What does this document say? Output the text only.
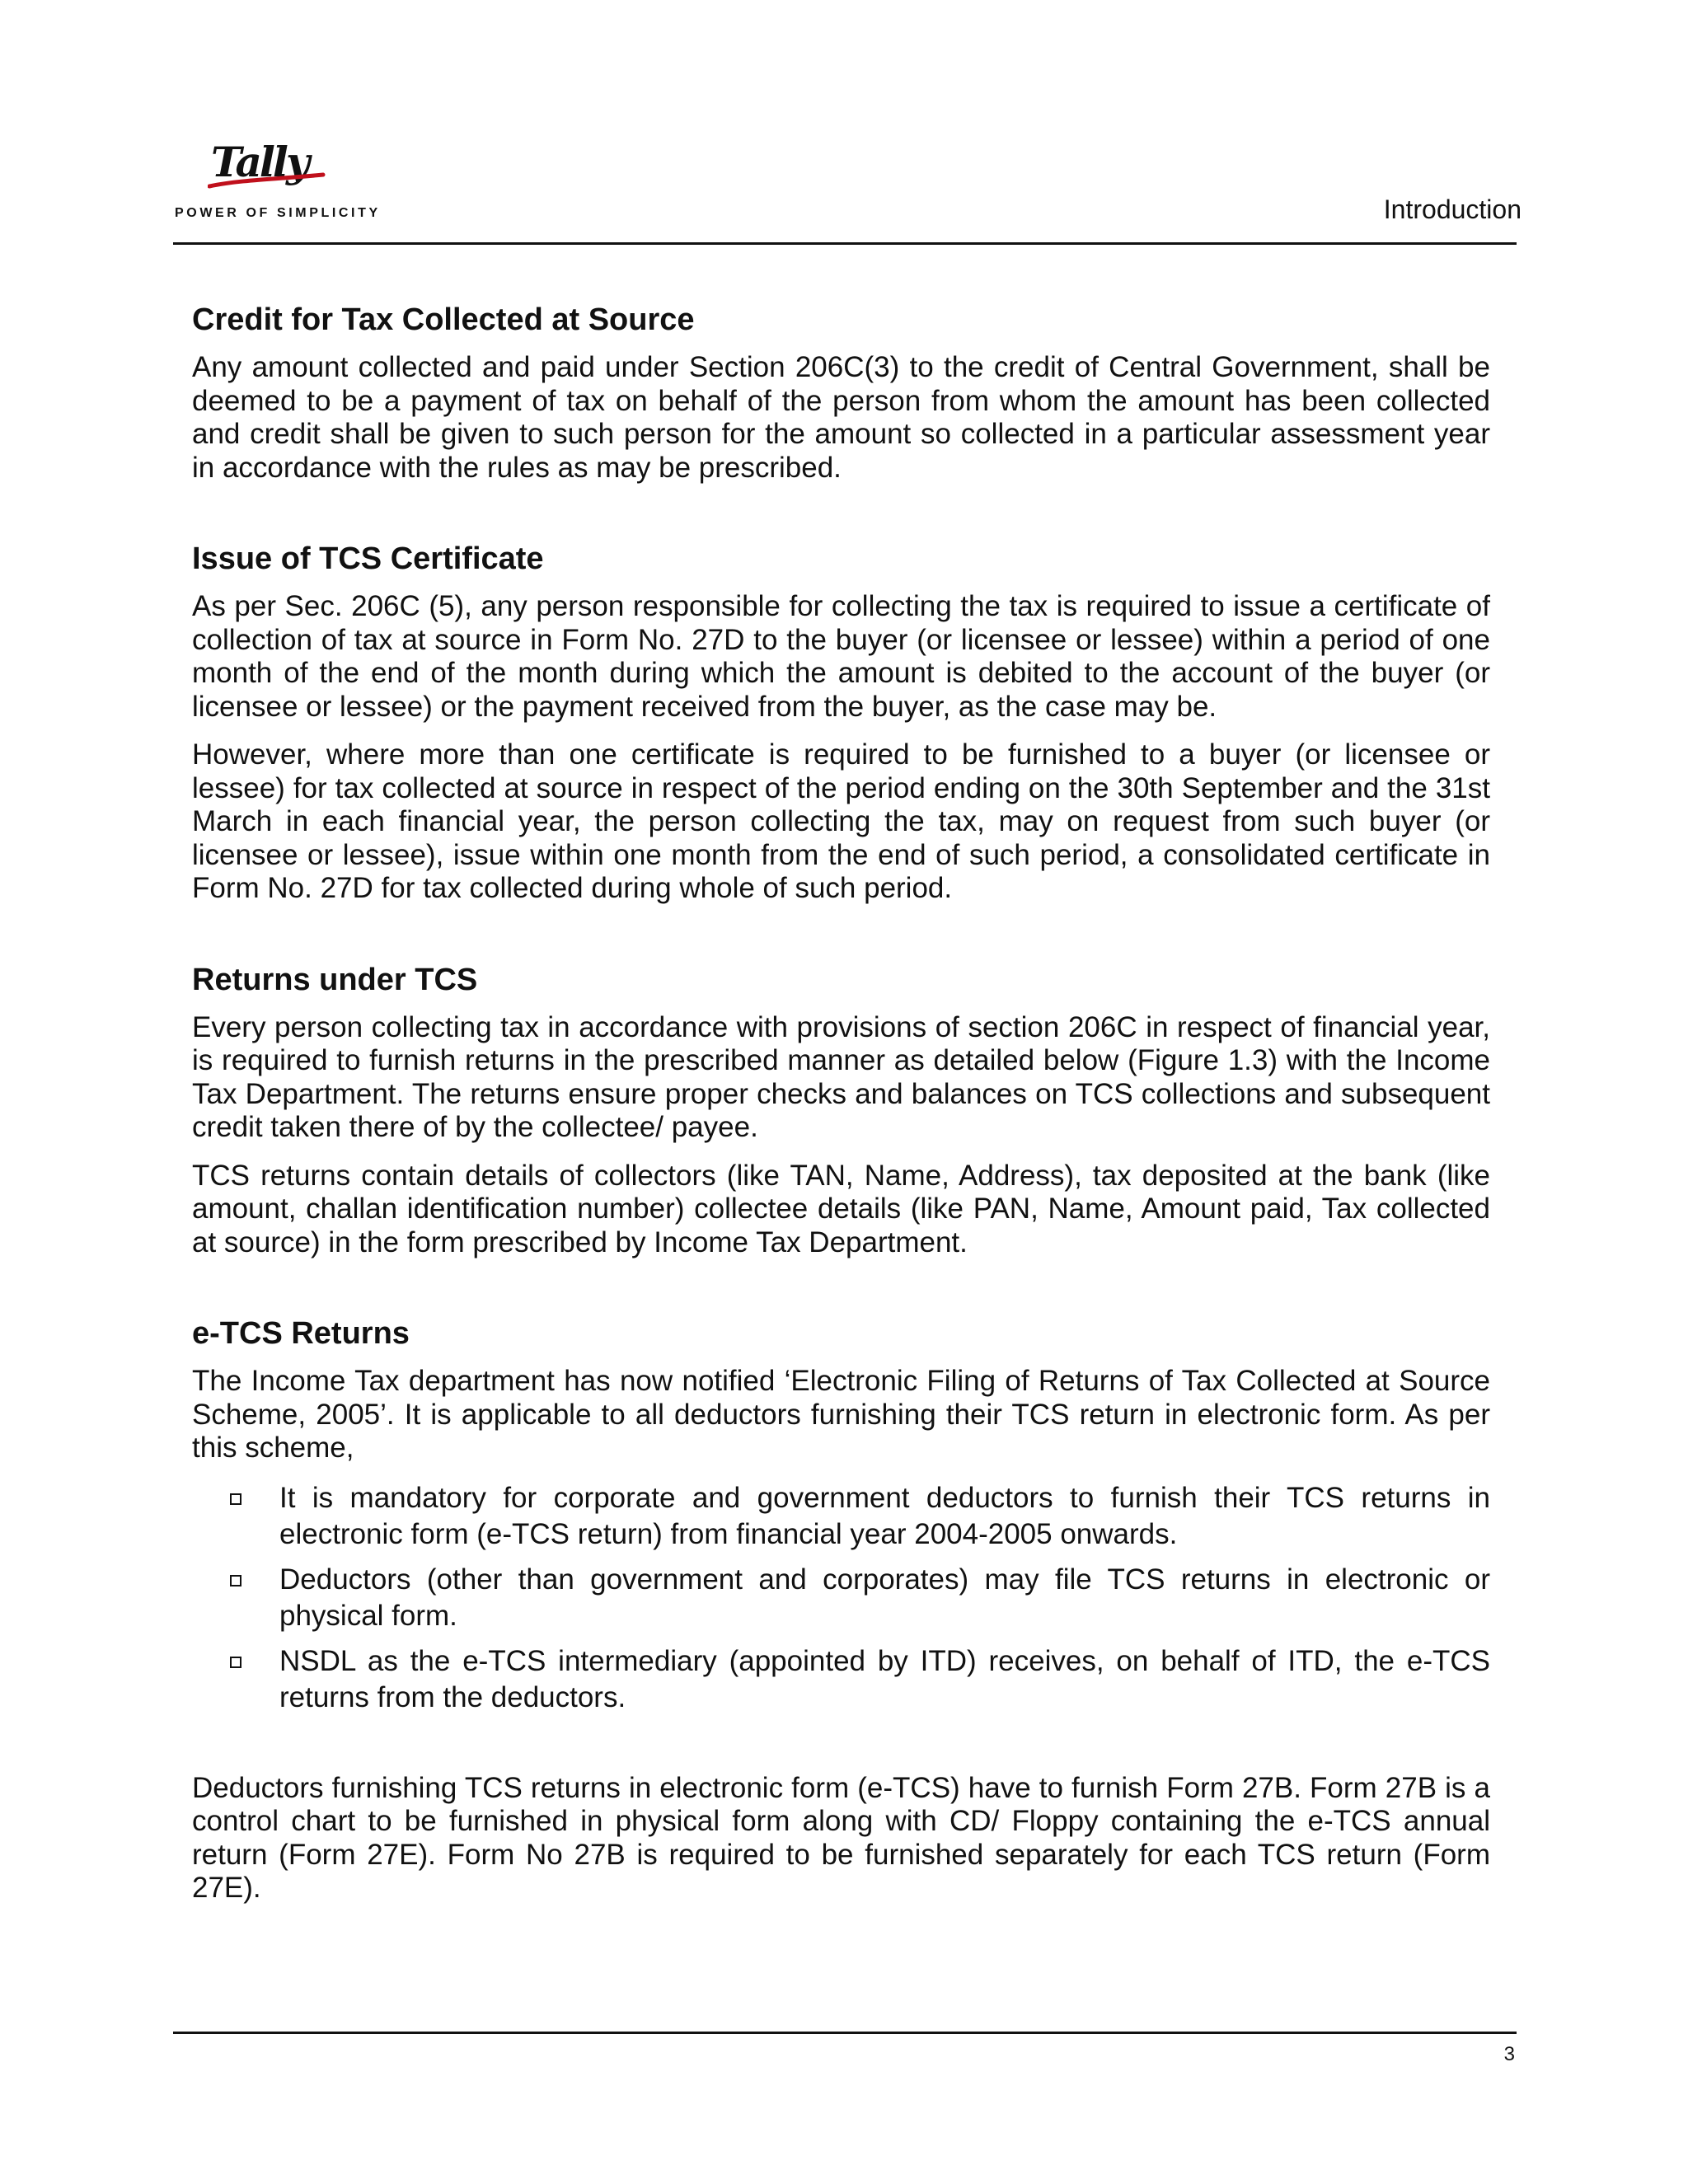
Tally
POWER OF SIMPLICITY	Introduction
Credit for Tax Collected at Source

Any amount collected and paid under Section 206C(3) to the credit of Central Government, shall be deemed to be a payment of tax on behalf of the person from whom the amount has been collected and credit shall be given to such person for the amount so collected in a particular assessment year in accordance with the rules as may be prescribed.

Issue of TCS Certificate

As per Sec. 206C (5), any person responsible for collecting the tax is required to issue a certificate of collection of tax at source in Form No. 27D to the buyer (or licensee or lessee) within a period of one month of the end of the month during which the amount is debited to the account of the buyer (or licensee or lessee) or the payment received from the buyer, as the case may be.

However, where more than one certificate is required to be furnished to a buyer (or licensee or lessee) for tax collected at source in respect of the period ending on the 30th September and the 31st March in each financial year, the person collecting the tax, may on request from such buyer (or licensee or lessee), issue within one month from the end of such period, a consolidated certificate in Form No. 27D for tax collected during whole of such period.

Returns under TCS

Every person collecting tax in accordance with provisions of section 206C in respect of financial year, is required to furnish returns in the prescribed manner as detailed below (Figure 1.3) with the Income Tax Department. The returns ensure proper checks and balances on TCS collections and subsequent credit taken there of by the collectee/ payee.

TCS returns contain details of collectors (like TAN, Name, Address), tax deposited at the bank (like amount, challan identification number) collectee details (like PAN, Name, Amount paid, Tax collected at source) in the form prescribed by Income Tax Department.

e-TCS Returns

The Income Tax department has now notified ‘Electronic Filing of Returns of Tax Collected at Source Scheme, 2005’. It is applicable to all deductors furnishing their TCS return in electronic form. As per this scheme,

It is mandatory for corporate and government deductors to furnish their TCS returns in electronic form (e-TCS return) from financial year 2004-2005 onwards.
Deductors (other than government and corporates) may file TCS returns in electronic or physical form.
NSDL as the e-TCS intermediary (appointed by ITD) receives, on behalf of ITD, the e-TCS returns from the deductors.

Deductors furnishing TCS returns in electronic form (e-TCS) have to furnish Form 27B. Form 27B is a control chart to be furnished in physical form along with CD/ Floppy containing the e-TCS annual return (Form 27E). Form No 27B is required to be furnished separately for each TCS return (Form 27E).

3
